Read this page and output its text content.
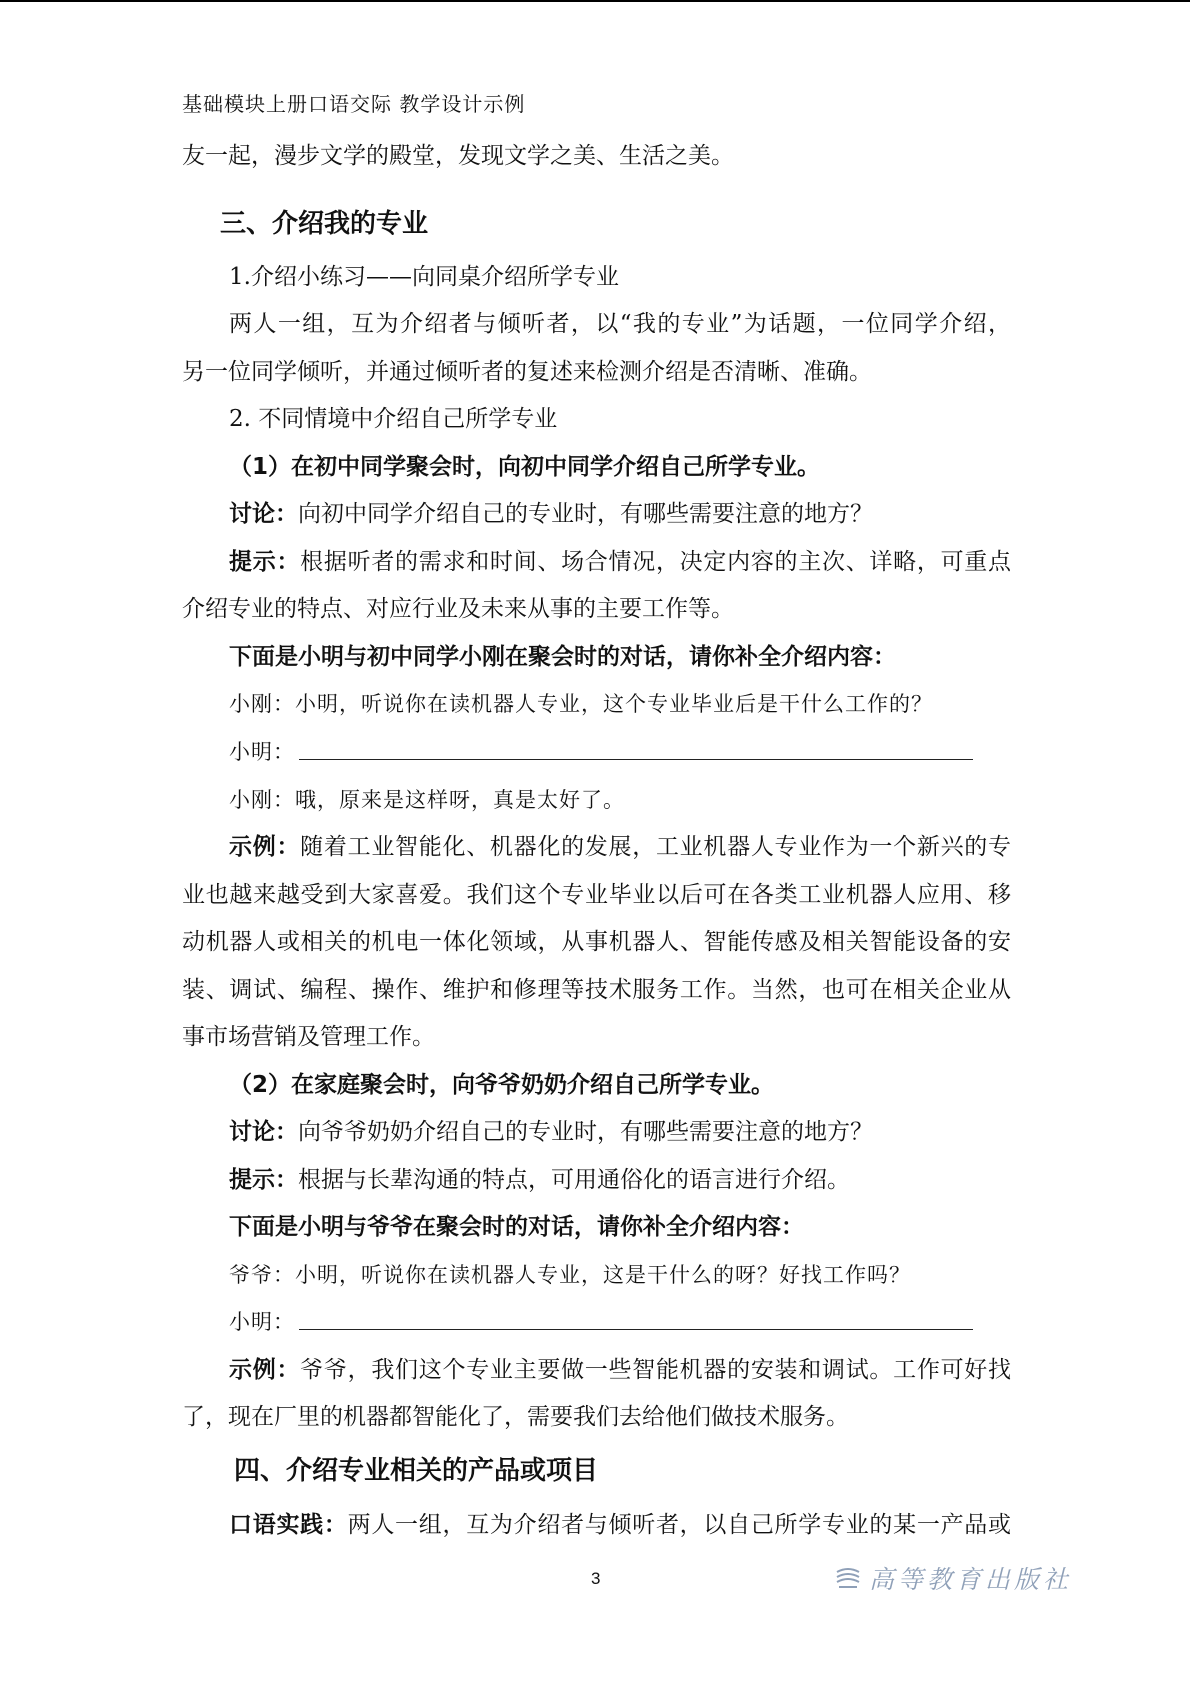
基础模块上册口语交际 教学设计示例
友一起，漫步文学的殿堂，发现文学之美、生活之美。
三、介绍我的专业
1.介绍小练习——向同桌介绍所学专业
两人一组，互为介绍者与倾听者，以“我的专业”为话题，一位同学介绍，
另一位同学倾听，并通过倾听者的复述来检测介绍是否清晰、准确。
2. 不同情境中介绍自己所学专业
（1）在初中同学聚会时，向初中同学介绍自己所学专业。
讨论：向初中同学介绍自己的专业时，有哪些需要注意的地方？
提示：根据听者的需求和时间、场合情况，决定内容的主次、详略，可重点
介绍专业的特点、对应行业及未来从事的主要工作等。
下面是小明与初中同学小刚在聚会时的对话，请你补全介绍内容：
小刚：小明，听说你在读机器人专业，这个专业毕业后是干什么工作的？
小明：
小刚：哦，原来是这样呀，真是太好了。
示例：随着工业智能化、机器化的发展，工业机器人专业作为一个新兴的专
业也越来越受到大家喜爱。我们这个专业毕业以后可在各类工业机器人应用、移
动机器人或相关的机电一体化领域，从事机器人、智能传感及相关智能设备的安
装、调试、编程、操作、维护和修理等技术服务工作。当然，也可在相关企业从
事市场营销及管理工作。
（2）在家庭聚会时，向爷爷奶奶介绍自己所学专业。
讨论：向爷爷奶奶介绍自己的专业时，有哪些需要注意的地方？
提示：根据与长辈沟通的特点，可用通俗化的语言进行介绍。
下面是小明与爷爷在聚会时的对话，请你补全介绍内容：
爷爷：小明，听说你在读机器人专业，这是干什么的呀？好找工作吗？
小明：
示例：爷爷，我们这个专业主要做一些智能机器的安装和调试。工作可好找
了，现在厂里的机器都智能化了，需要我们去给他们做技术服务。
四、介绍专业相关的产品或项目
口语实践：两人一组，互为介绍者与倾听者，以自己所学专业的某一产品或
3	高等教育出版社
